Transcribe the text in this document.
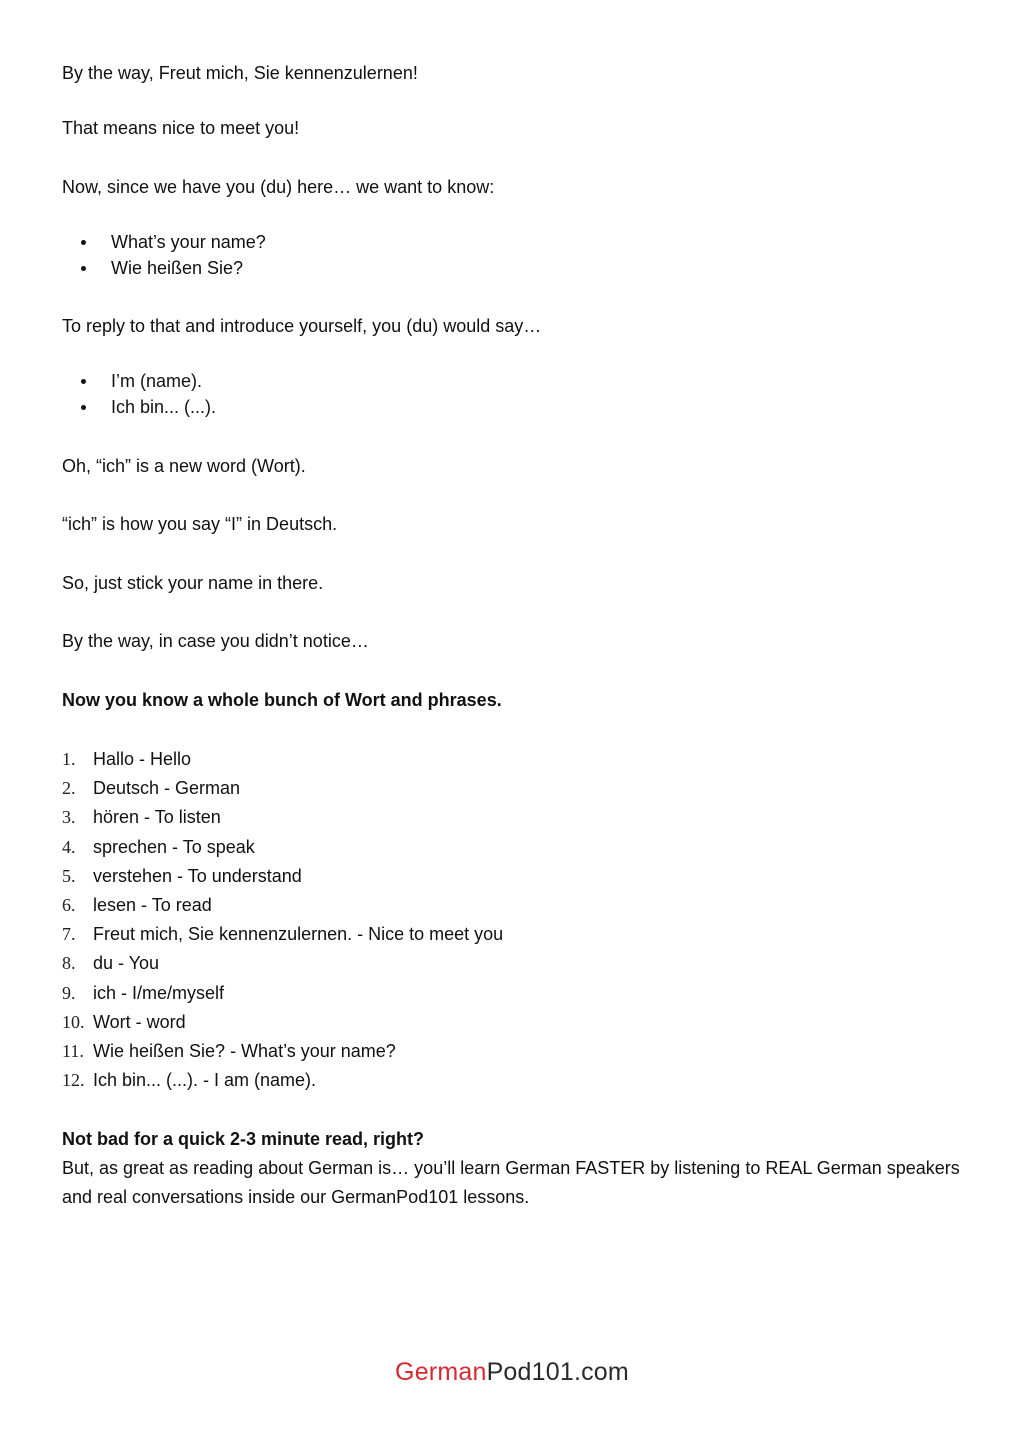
By the way, Freut mich, Sie kennenzulernen!

That means nice to meet you!

Now, since we have you (du) here… we want to know:

What’s your name?
Wie heißen Sie?

To reply to that and introduce yourself, you (du) would say…

I’m (name).
Ich bin... (...).

Oh, “ich” is a new word (Wort).

“ich” is how you say “I” in Deutsch.

So, just stick your name in there.

By the way, in case you didn’t notice…

Now you know a whole bunch of Wort and phrases.

1. Hallo - Hello
2. Deutsch - German
3. hören - To listen
4. sprechen - To speak
5. verstehen - To understand
6. lesen - To read
7. Freut mich, Sie kennenzulernen. - Nice to meet you
8. du - You
9. ich - I/me/myself
10. Wort - word
11. Wie heißen Sie? - What’s your name?
12. Ich bin... (...). - I am (name).

Not bad for a quick 2-3 minute read, right?

But, as great as reading about German is… you’ll learn German FASTER by listening to REAL German speakers and real conversations inside our GermanPod101 lessons.

GermanPod101.com
